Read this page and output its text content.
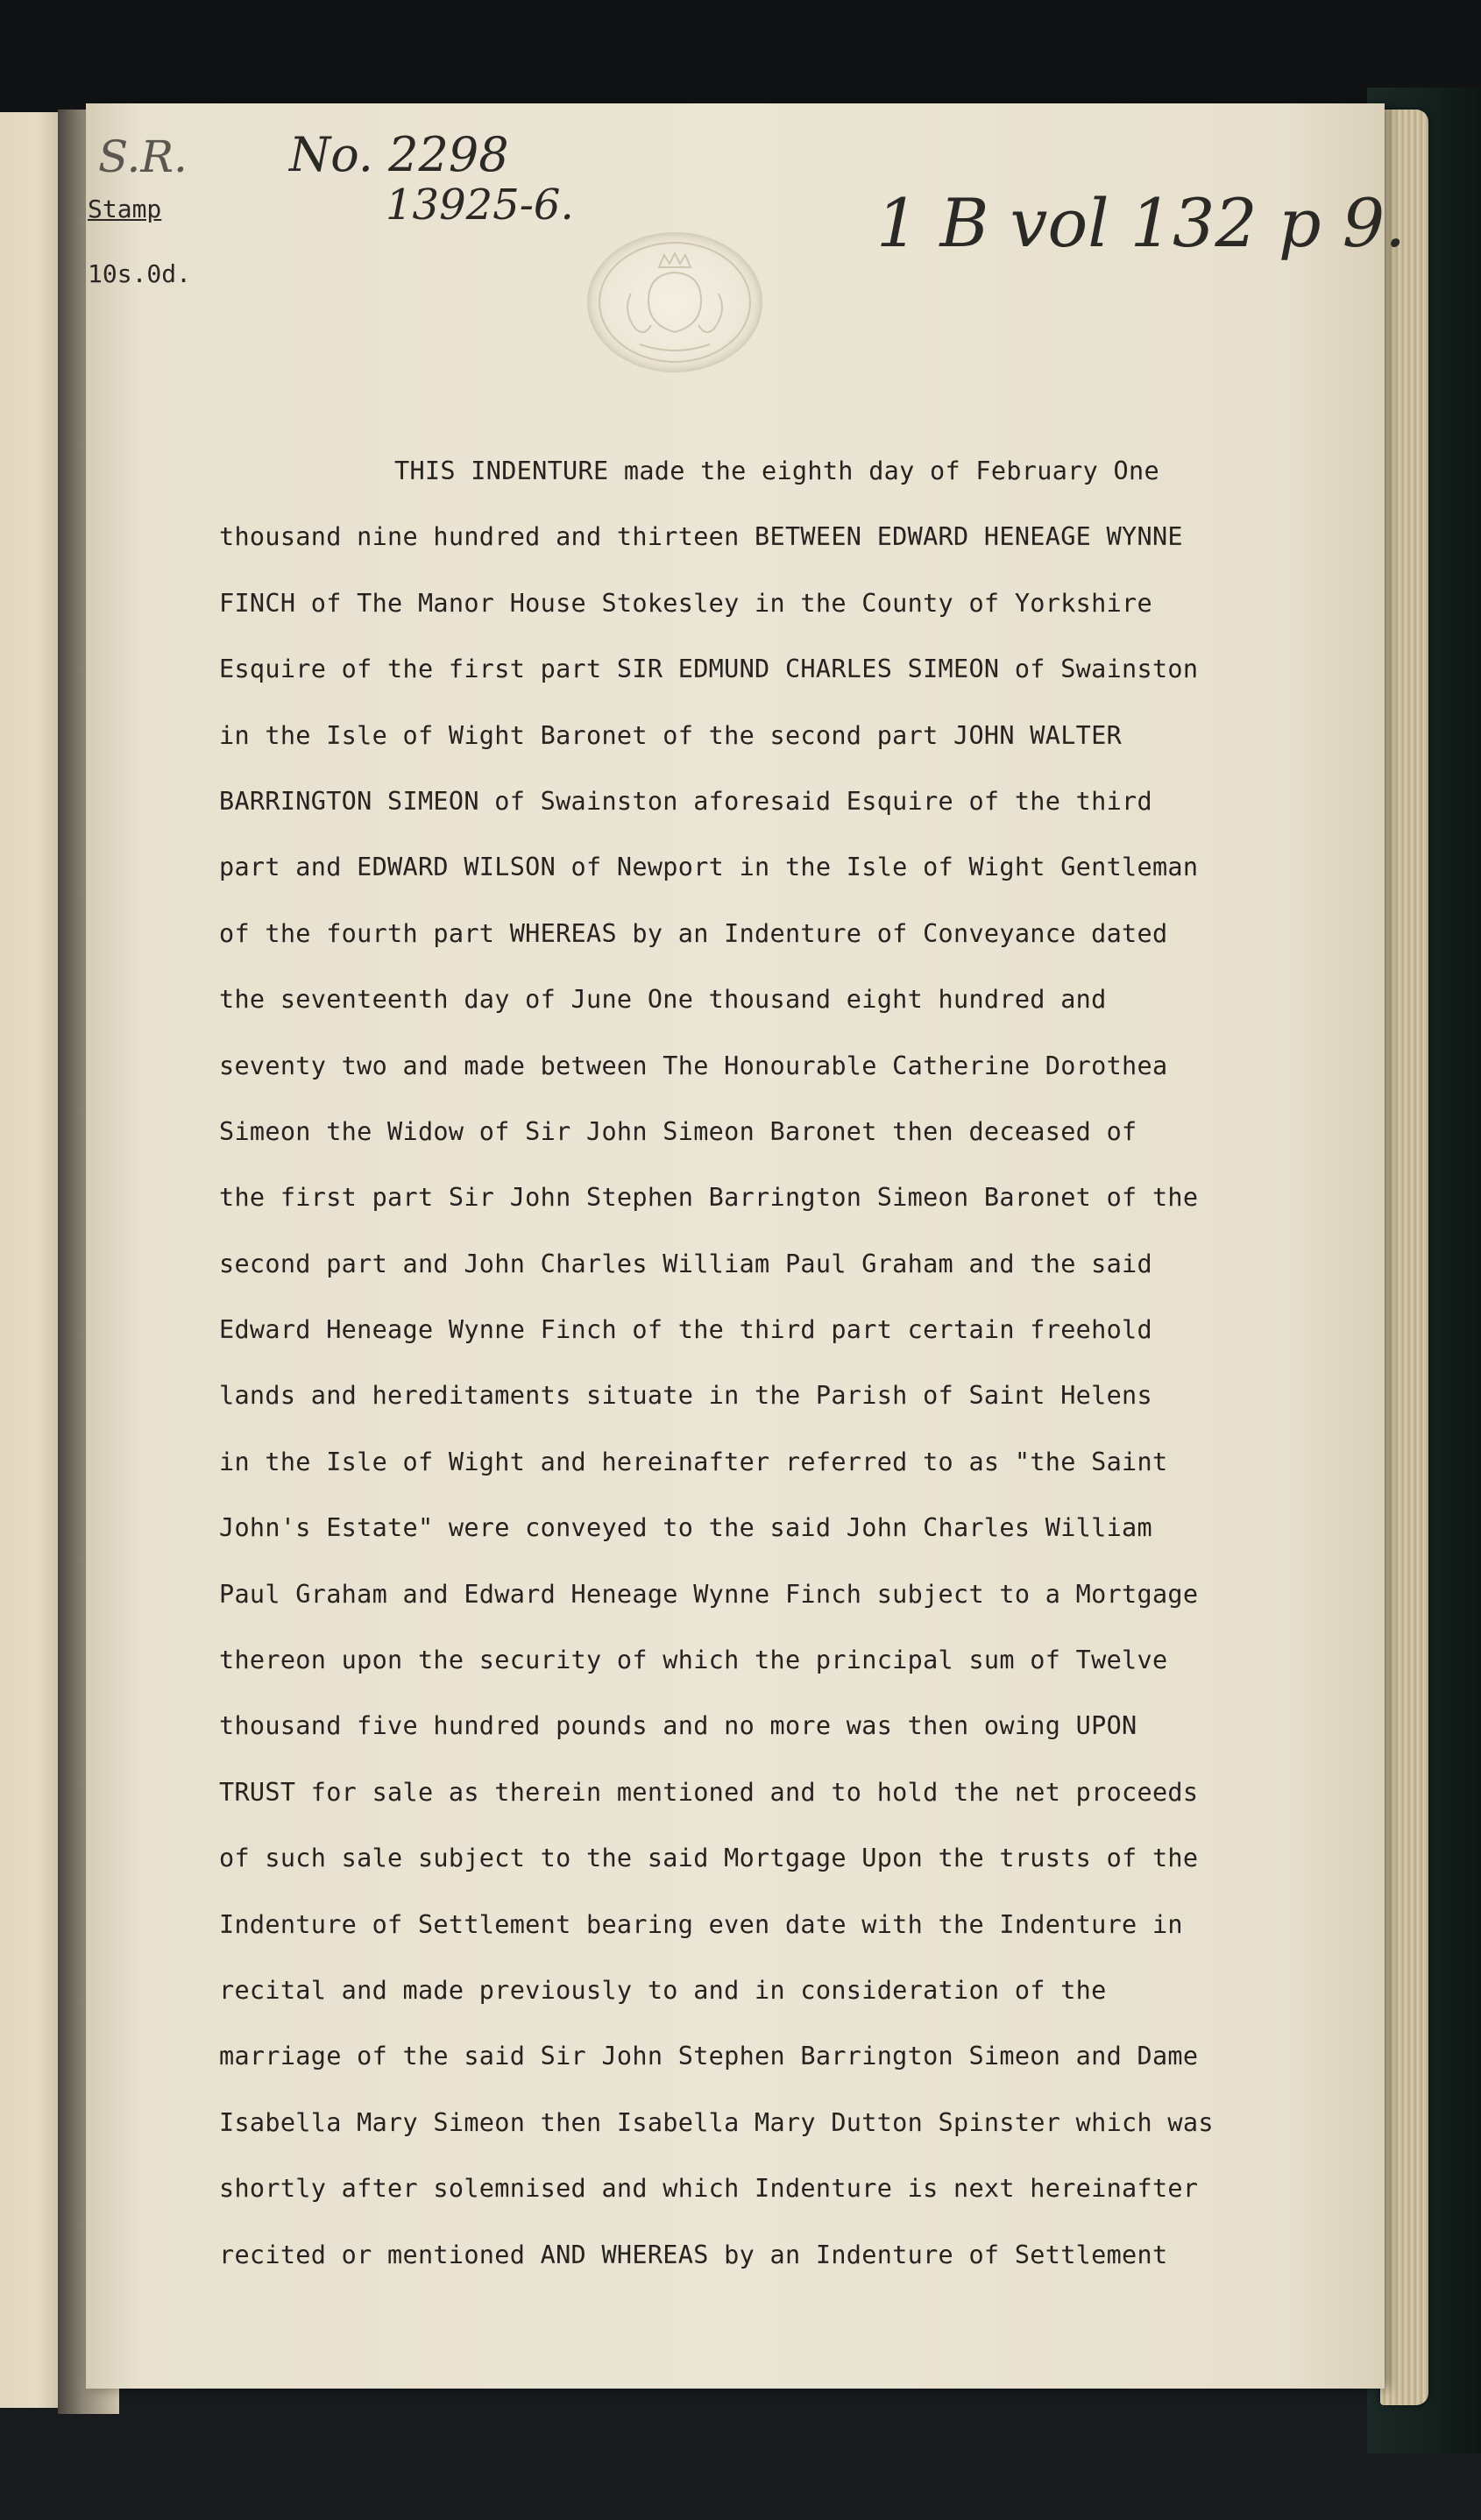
S.R. No. 2298
13925-6.	1 B vol 132 p 9.
Stamp
10s.0d.
THIS INDENTURE made the eighth day of February One
thousand nine hundred and thirteen BETWEEN EDWARD HENEAGE WYNNE
FINCH of The Manor House Stokesley in the County of Yorkshire
Esquire of the first part SIR EDMUND CHARLES SIMEON of Swainston
in the Isle of Wight Baronet of the second part JOHN WALTER
BARRINGTON SIMEON of Swainston aforesaid Esquire of the third
part and EDWARD WILSON of Newport in the Isle of Wight Gentleman
of the fourth part WHEREAS by an Indenture of Conveyance dated
the seventeenth day of June One thousand eight hundred and
seventy two and made between The Honourable Catherine Dorothea
Simeon the Widow of Sir John Simeon Baronet then deceased of
the first part Sir John Stephen Barrington Simeon Baronet of the
second part and John Charles William Paul Graham and the said
Edward Heneage Wynne Finch of the third part certain freehold
lands and hereditaments situate in the Parish of Saint Helens
in the Isle of Wight and hereinafter referred to as "the Saint
John's Estate" were conveyed to the said John Charles William
Paul Graham and Edward Heneage Wynne Finch subject to a Mortgage
thereon upon the security of which the principal sum of Twelve
thousand five hundred pounds and no more was then owing UPON
TRUST for sale as therein mentioned and to hold the net proceeds
of such sale subject to the said Mortgage Upon the trusts of the
Indenture of Settlement bearing even date with the Indenture in
recital and made previously to and in consideration of the
marriage of the said Sir John Stephen Barrington Simeon and Dame
Isabella Mary Simeon then Isabella Mary Dutton Spinster which was
shortly after solemnised and which Indenture is next hereinafter
recited or mentioned AND WHEREAS by an Indenture of Settlement
